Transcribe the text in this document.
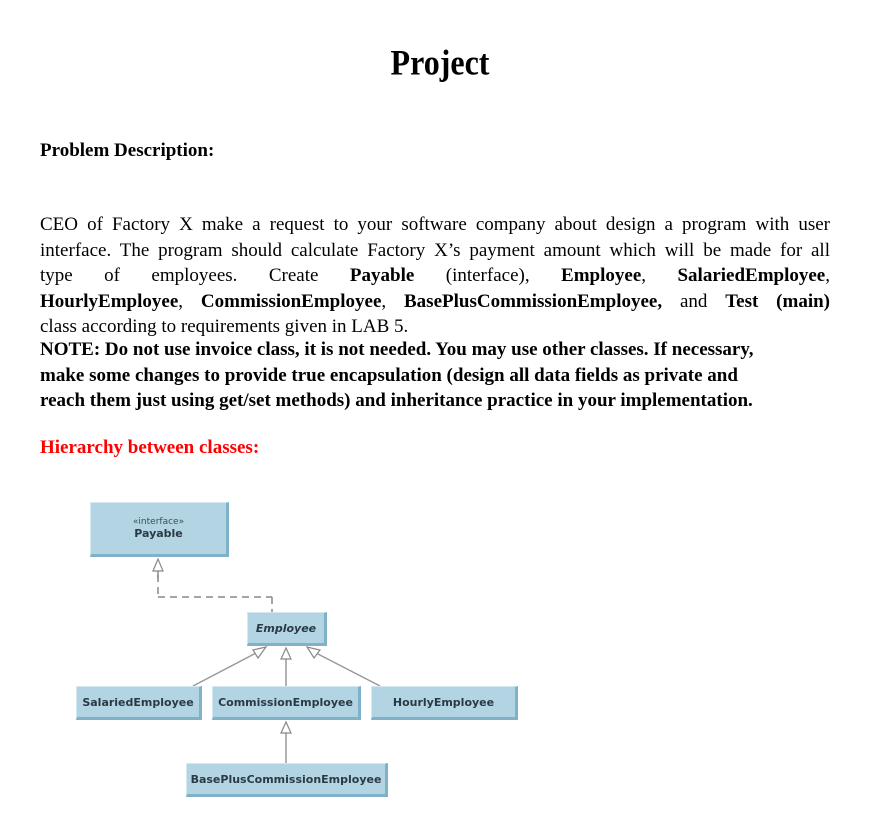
Project
Problem Description:
CEO of Factory X make a request to your software company about design a program with user
interface. The program should calculate Factory X’s payment amount which will be made for all
type of employees. Create Payable (interface), Employee, SalariedEmployee,
HourlyEmployee, CommissionEmployee, BasePlusCommissionEmployee, and Test (main)
class according to requirements given in LAB 5.
NOTE: Do not use invoice class, it is not needed. You may use other classes. If necessary,
make some changes to provide true encapsulation (design all data fields as private and
reach them just using get/set methods) and inheritance practice in your implementation.
Hierarchy between classes:
«interface»
Payable
Employee
SalariedEmployee CommissionEmployee	HourlyEmployee
BasePlusCommissionEmployee
